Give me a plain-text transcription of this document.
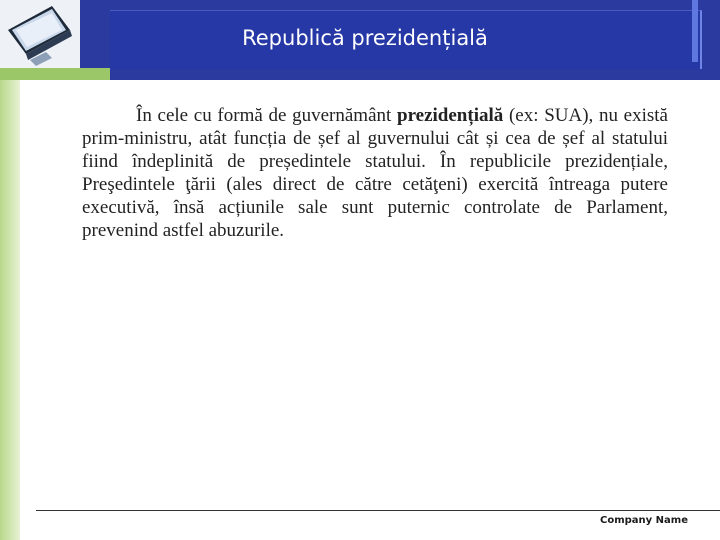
Republică prezidențială
În cele cu formă de guvernământ prezidențială (ex: SUA), nu există prim-ministru, atât funcția de șef al guvernului cât și cea de șef al statului fiind îndeplinită de președintele statului. În republicile prezidențiale, Preşedintele ţării (ales direct de către cetăţeni) exercită întreaga putere executivă, însă acțiunile sale sunt puternic controlate de Parlament, prevenind astfel abuzurile.
Company Name
